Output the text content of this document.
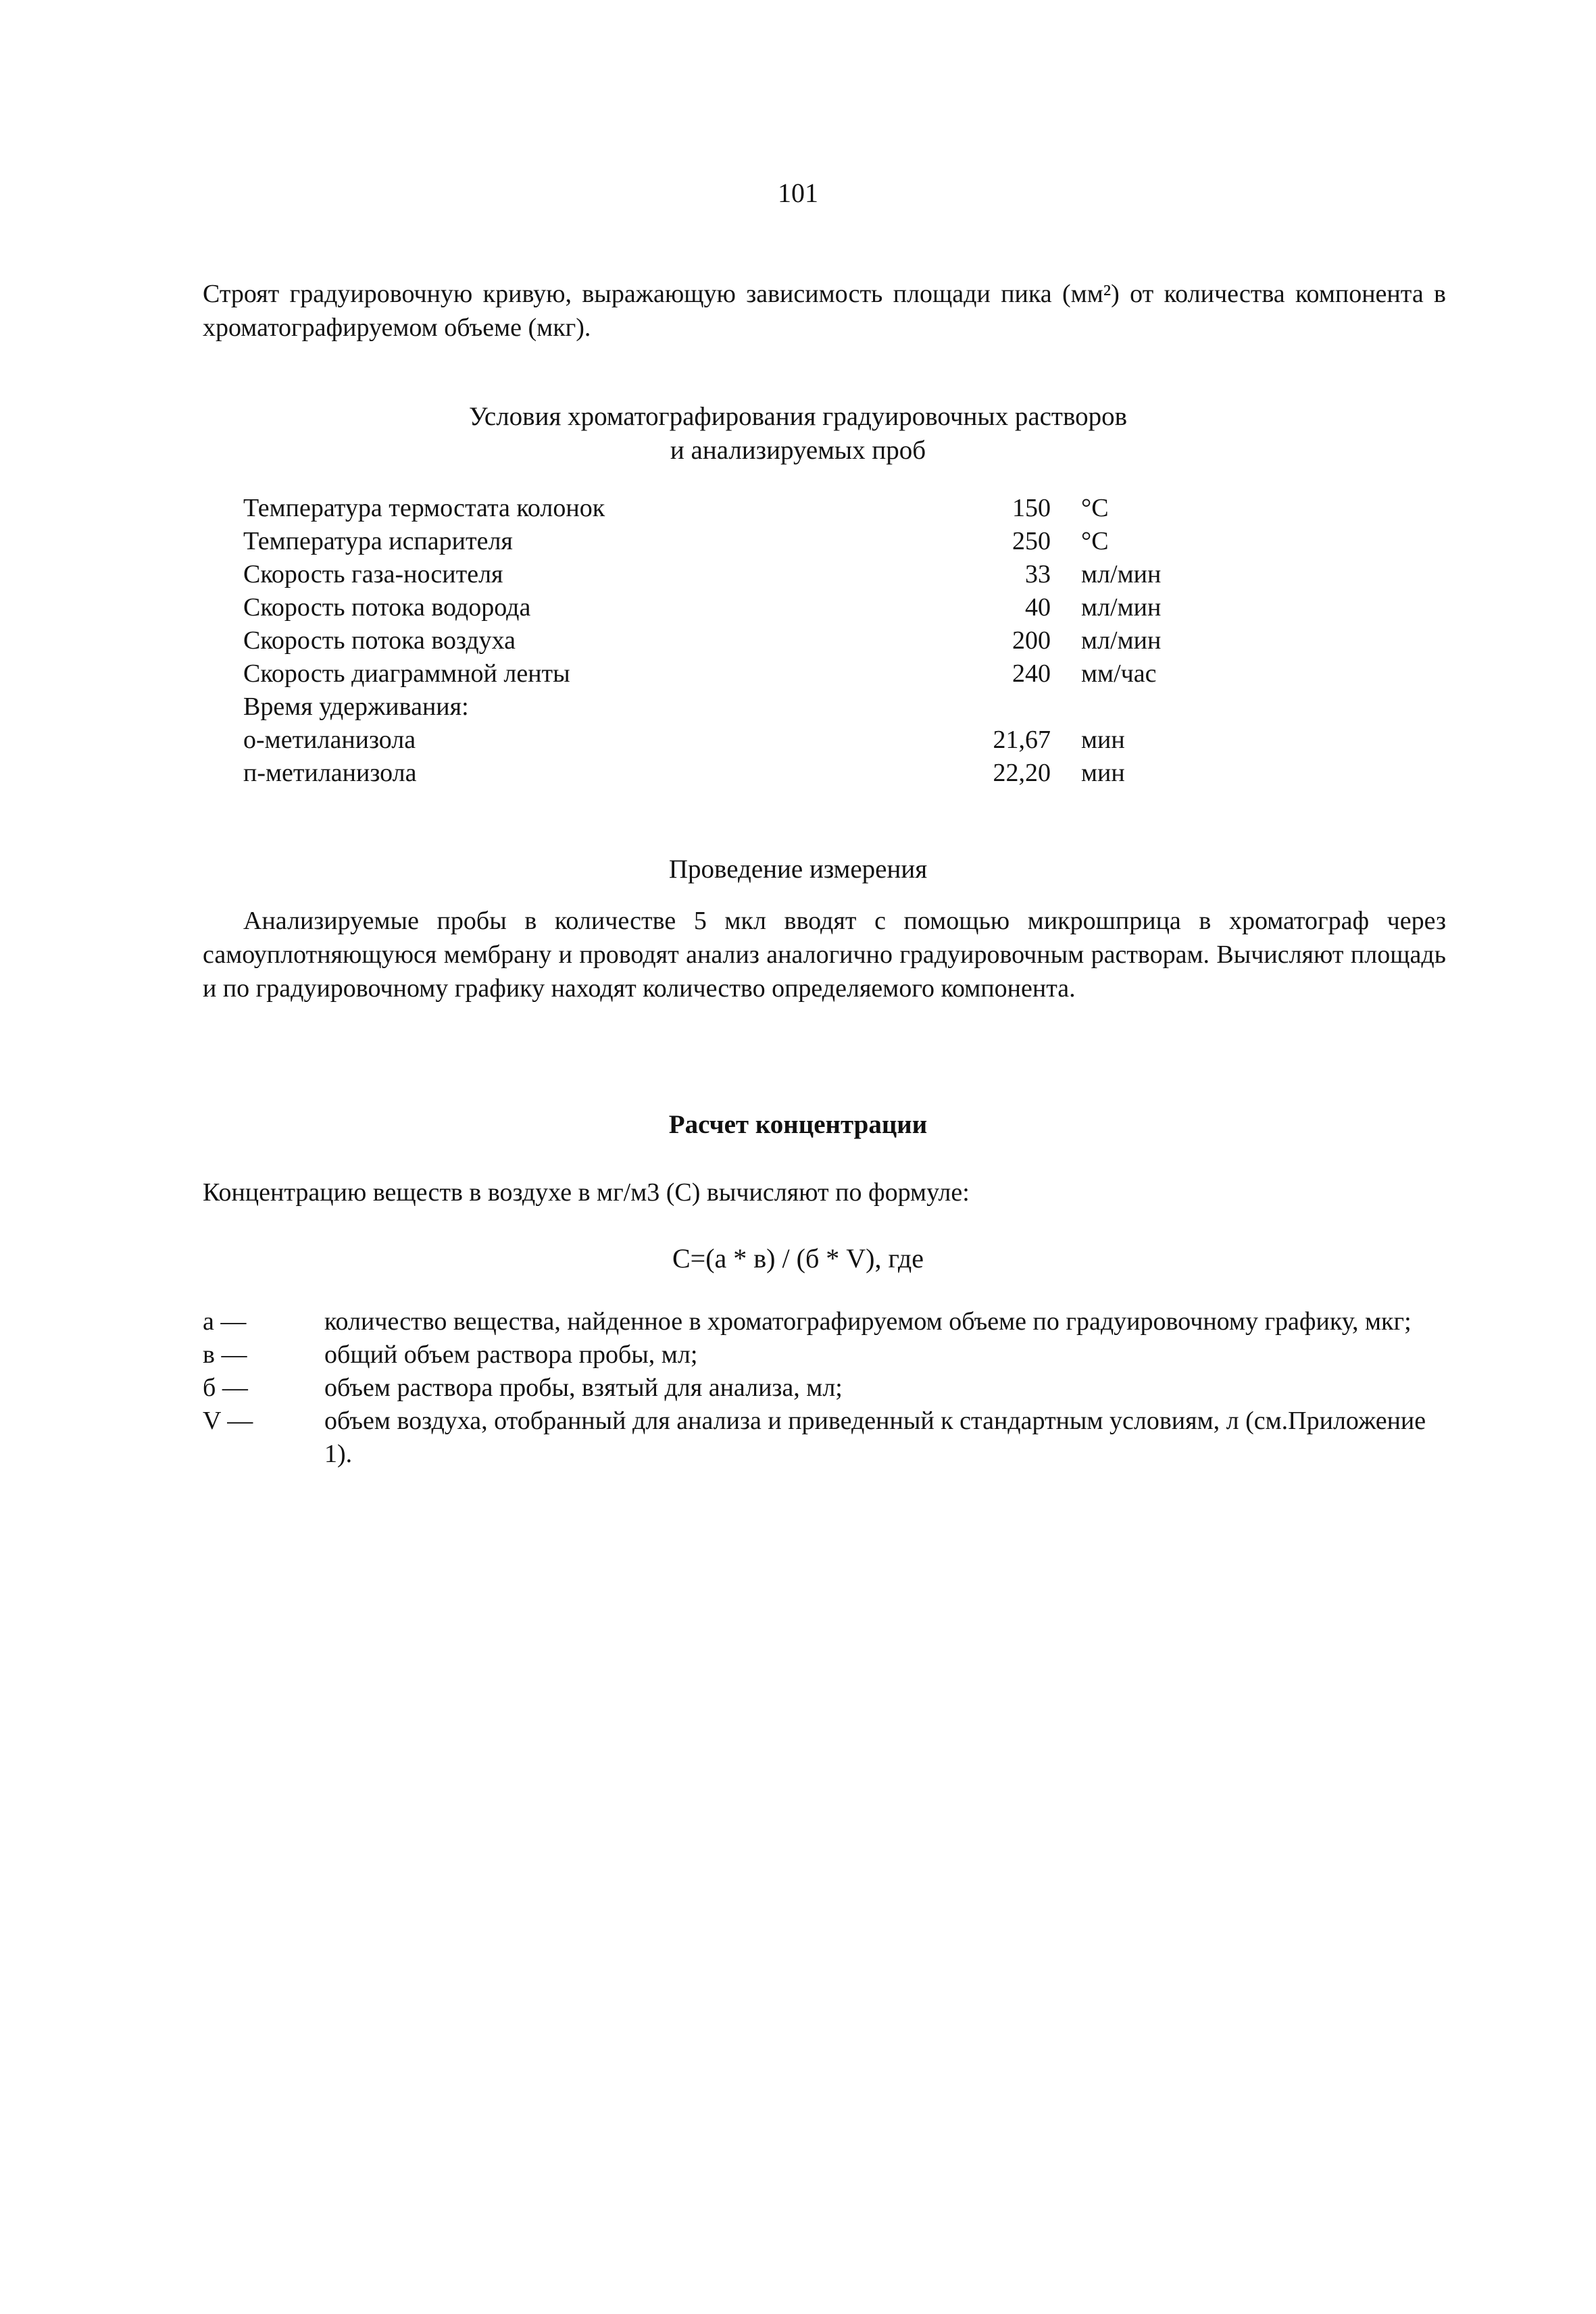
101

Строят градуировочную кривую, выражающую зависимость площади пика (мм²) от количества компонента в хроматографируемом объеме (мкг).

Условия хроматографирования градуировочных растворов
и анализируемых проб
Температура термостата колонок	150 °С
Температура испарителя	250 °С
Скорость газа-носителя	33 мл/мин
Скорость потока водорода	40 мл/мин
Скорость потока воздуха	200 мл/мин
Скорость диаграммной ленты	240 мм/час
Время удерживания:
о-метиланизола	21,67 мин
п-метиланизола	22,20 мин
Проведение измерения

Анализируемые пробы в количестве 5 мкл вводят с помощью микрошприца в хроматограф через самоуплотняющуюся мембрану и проводят анализ аналогично градуировочным растворам. Вычисляют площадь и по градуировочному графику находят количество определяемого компонента.

Расчет концентрации
Концентрацию веществ в воздухе в мг/м3 (С) вычисляют по формуле:
С=(а * в) / (б * V), где
а —	количество вещества, найденное в хроматографируемом объеме по градуировочному графику, мкг;
в —	общий объем раствора пробы, мл;
б —	объем раствора пробы, взятый для анализа, мл;
V —	объем воздуха, отобранный для анализа и приведенный к стандартным условиям, л (см.Приложение 1).
